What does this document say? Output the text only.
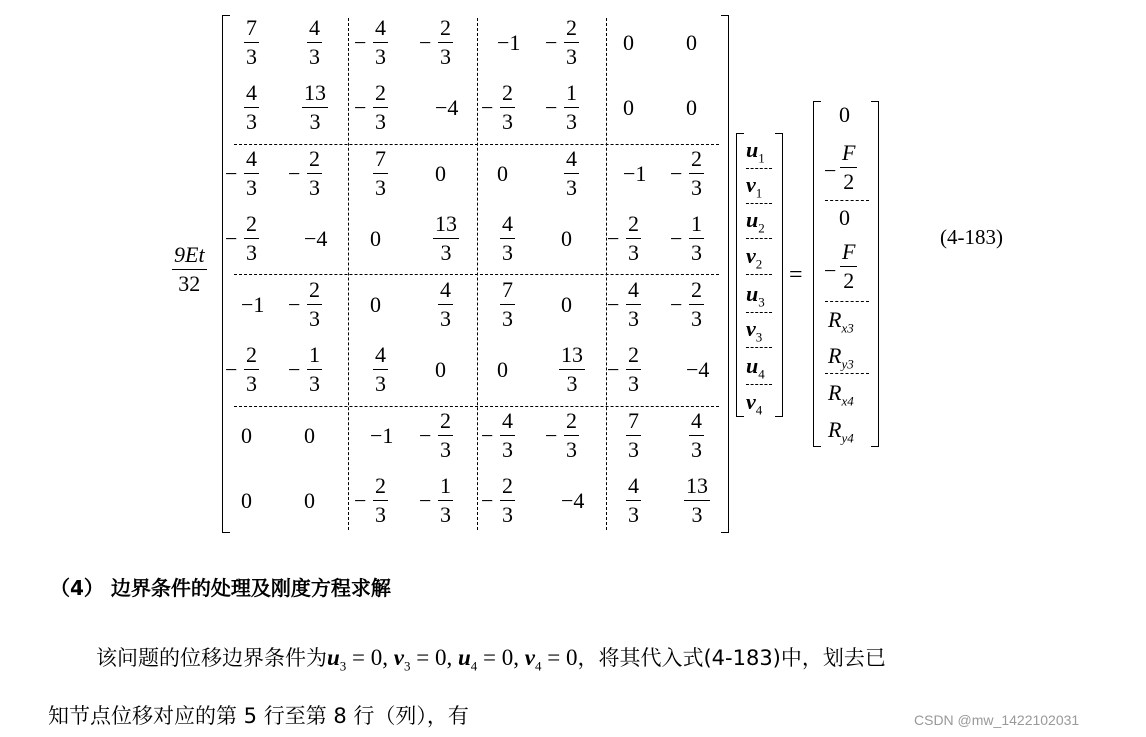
9Et
32
7
3
4
3
−
4
3
−
2
3
−1 −
2
3
0 0
4
3
13
3
−
2
3
−4 −
2
3
−
1
3
0 0
−
4
3
−
2
3
7
3
0 0
4
3
−1 −
2
3
−
2
3
−4 0
13
3
4
3
0 −
2
3
−
1
3
−1 −
2
3
0
4
3
7
3
0 −
4
3
−
2
3
−
2
3
−
1
3
4
3
0 0
13
3
−
2
3
−4
0 0	−1 −
2
3
−
4
3
−
2
3
7
3
4
3
0 0 −
2
3
−
1
3
−
2
3
−4
4
3
13
3
$u_1$
$v_1$
$u_2$
$v_2$
$u_3$
$v_3$
$u_4$
$v_4$
=
0
−
F
2
0
−
F
2
$R_{x3}$
$R_{y3}$
$R_{x4}$
$R_{y4}$
(4-183)
（4） 边界条件的处理及刚度方程求解
该问题的位移边界条件为$u_3 = 0$, $v_3 = 0$, $u_4 = 0$, $v_4 = 0$，将其代入式(4-183)中，划去已
知节点位移对应的第 5 行至第 8 行（列），有	CSDN @mw_1422102031
